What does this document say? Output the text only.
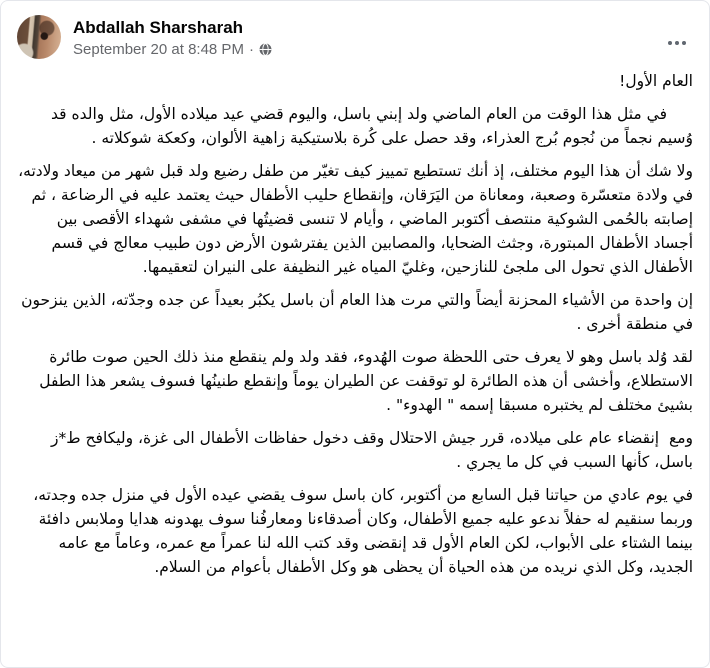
Abdallah Sharsharah
September 20 at 8:48 PM ·

العام الأول!

في مثل هذا الوقت من العام الماضي ولد إبني باسل، واليوم قضي عيد ميلاده الأول، مثل والده قد وُسيم نجماً من نُجوم بُرج العذراء، وقد حصل على كُرة بلاستيكية زاهية الألوان، وكعكة شوكلاته .

ولا شك أن هذا اليوم مختلف، إذ أنك تستطيع تمييز كيف تغيّر من طفل رضيع ولد قبل شهر من ميعاد ولادته، في ولادة متعسّرة وصعبة، ومعاناة من اليَرَقان، وإنقطاع حليب الأطفال حيث يعتمد عليه في الرضاعة ، ثم إصابته بالحُمى الشوكية منتصف أكتوبر الماضي ، وأيام لا تنسى قضيتُها في مشفى شهداء الأقصى بين أجساد الأطفال المبتورة، وجثث الضحايا، والمصابين الذين يفترشون الأرض دون طبيب معالج في قسم الأطفال الذي تحول الى ملجئ للنازحين، وغليّ المياه غير النظيفة على النيران لتعقيمها.

إن واحدة من الأشياء المحزنة أيضاً والتي مرت هذا العام أن باسل يكبُر بعيداً عن جده وجدّته، الذين ينزحون في منطقة أخرى .

لقد وُلد باسل وهو لا يعرف حتى اللحظة صوت الهُدوء، فقد ولد ولم ينقطع منذ ذلك الحين صوت طائرة الاستطلاع، وأخشى أن هذه الطائرة لو توقفت عن الطيران يوماً وإنقطع طنينُها فسوف يشعر هذا الطفل بشيئ مختلف لم يختبره مسبقا إسمه " الهدوء" .

ومع  إنقضاء عام على ميلاده، قرر جيش الاحتلال وقف دخول حفاظات الأطفال الى غزة، وليكافح ط*ز باسل، كأنها السبب في كل ما يجري .

في يوم عادي من حياتنا قبل السابع من أكتوبر، كان باسل سوف يقضي عيده الأول في منزل جده وجدته، وربما سنقيم له حفلاً ندعو عليه جميع الأطفال، وكان أصدقاءنا ومعارفُنا سوف يهدونه هدايا وملابس دافئة بينما الشتاء على الأبواب، لكن العام الأول قد إنقضى وقد كتب الله لنا عمراً مع عمره، وعاماً مع عامه الجديد، وكل الذي نريده من هذه الحياة أن يحظى هو وكل الأطفال بأعوام من السلام.
